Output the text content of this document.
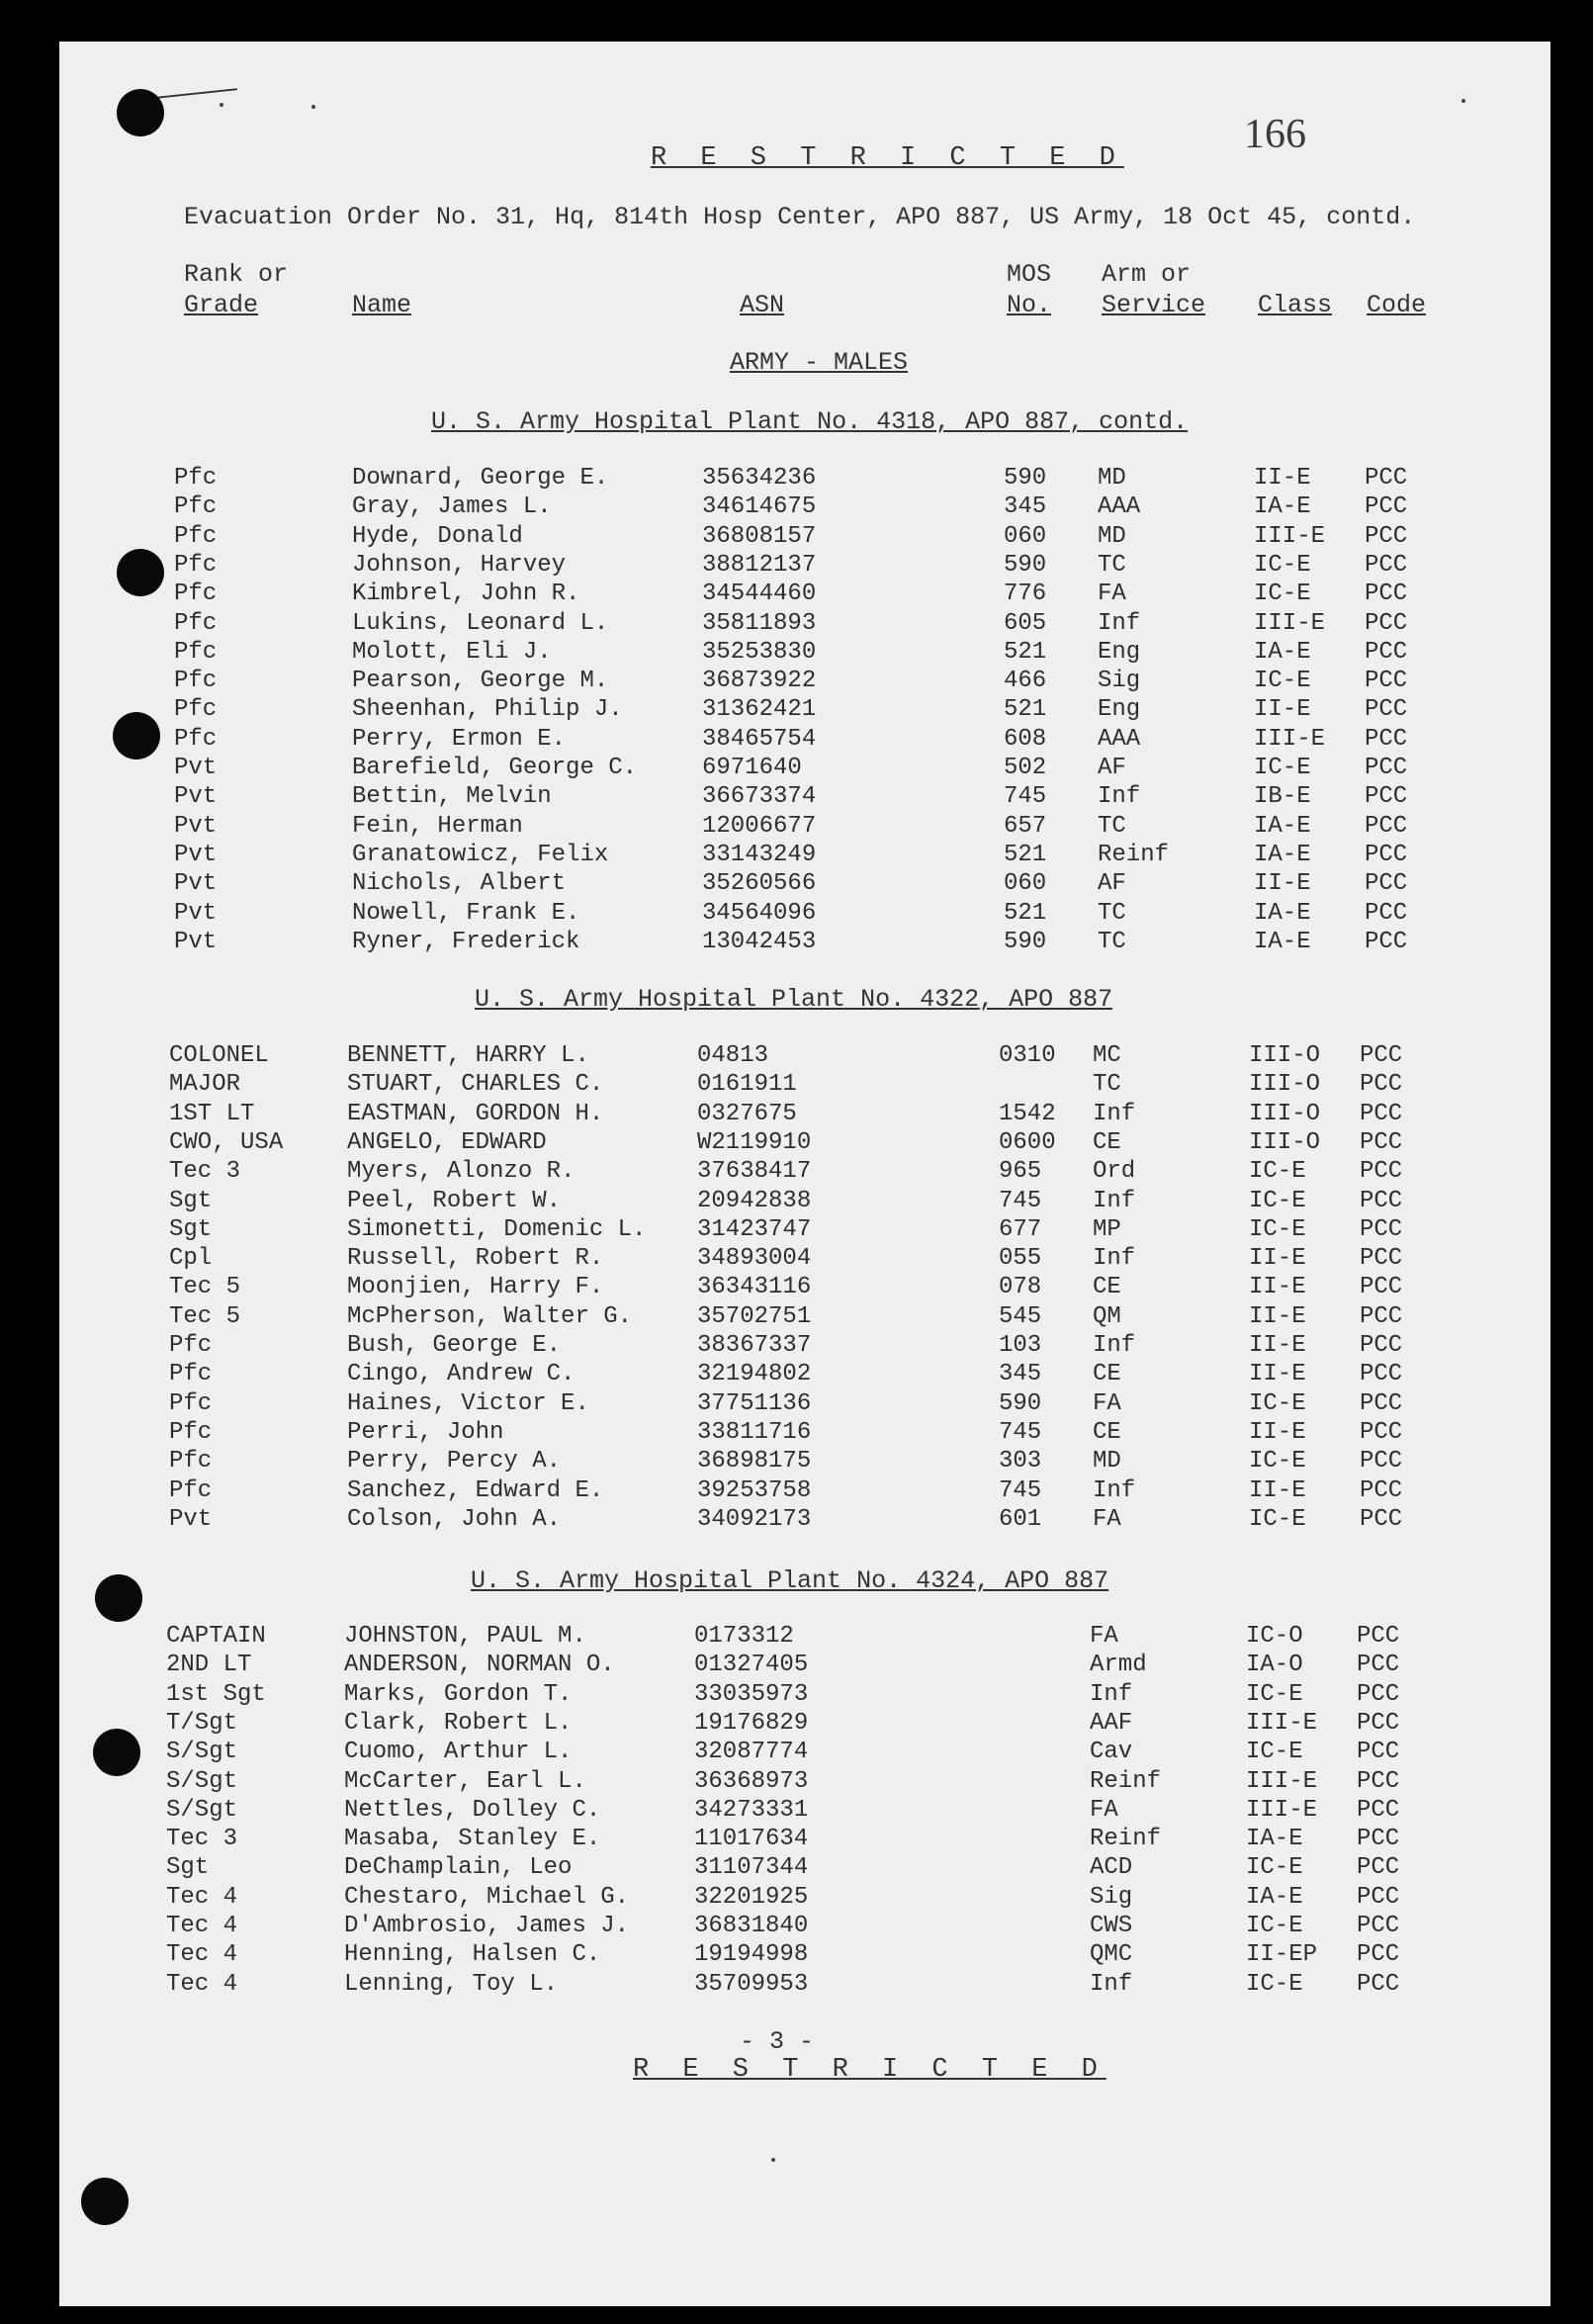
166
R E S T R I C T E D
Evacuation Order No. 31, Hq, 814th Hosp Center, APO 887, US Army, 18 Oct 45, contd.
Rank or
Grade	Name	ASN
MOS
No.
Arm or
Service Class Code
ARMY - MALES
U. S. Army Hospital Plant No. 4318, APO 887, contd.
Pfc	Downard, George E.	35634236	590 MD	II-E PCC
Pfc	Gray, James L.	34614675	345 AAA	IA-E PCC
Pfc	Hyde, Donald	36808157	060 MD	III-E PCC
Pfc	Johnson, Harvey	38812137	590 TC	IC-E PCC
Pfc	Kimbrel, John R.	34544460	776 FA	IC-E PCC
Pfc	Lukins, Leonard L.	35811893	605 Inf	III-E PCC
Pfc	Molott, Eli J.	35253830	521 Eng	IA-E PCC
Pfc	Pearson, George M.	36873922	466 Sig	IC-E PCC
Pfc	Sheenhan, Philip J.	31362421	521 Eng	II-E PCC
Pfc	Perry, Ermon E.	38465754	608 AAA	III-E PCC
Pvt	Barefield, George C.	6971640	502 AF	IC-E PCC
Pvt	Bettin, Melvin	36673374	745 Inf	IB-E PCC
Pvt	Fein, Herman	12006677	657 TC	IA-E PCC
Pvt	Granatowicz, Felix	33143249	521 Reinf	IA-E PCC
Pvt	Nichols, Albert	35260566	060 AF	II-E PCC
Pvt	Nowell, Frank E.	34564096	521 TC	IA-E PCC
Pvt	Ryner, Frederick	13042453	590 TC	IA-E PCC
U. S. Army Hospital Plant No. 4322, APO 887
COLONEL	BENNETT, HARRY L.	04813	0310 MC	III-O PCC
MAJOR	STUART, CHARLES C.	0161911	TC	III-O PCC
1ST LT	EASTMAN, GORDON H.	0327675	1542 Inf	III-O PCC
CWO, USA	ANGELO, EDWARD	W2119910	0600 CE	III-O PCC
Tec 3	Myers, Alonzo R.	37638417	965 Ord	IC-E PCC
Sgt	Peel, Robert W.	20942838	745 Inf	IC-E PCC
Sgt	Simonetti, Domenic L. 31423747	677 MP	IC-E PCC
Cpl	Russell, Robert R.	34893004	055 Inf	II-E PCC
Tec 5	Moonjien, Harry F.	36343116	078 CE	II-E PCC
Tec 5	McPherson, Walter G.	35702751	545 QM	II-E PCC
Pfc	Bush, George E.	38367337	103 Inf	II-E PCC
Pfc	Cingo, Andrew C.	32194802	345 CE	II-E PCC
Pfc	Haines, Victor E.	37751136	590 FA	IC-E PCC
Pfc	Perri, John	33811716	745 CE	II-E PCC
Pfc	Perry, Percy A.	36898175	303 MD	IC-E PCC
Pfc	Sanchez, Edward E.	39253758	745 Inf	II-E PCC
Pvt	Colson, John A.	34092173	601 FA	IC-E PCC
U. S. Army Hospital Plant No. 4324, APO 887
CAPTAIN	JOHNSTON, PAUL M.	0173312	FA	IC-O PCC
2ND LT	ANDERSON, NORMAN O.	01327405	Armd	IA-O PCC
1st Sgt	Marks, Gordon T.	33035973	Inf	IC-E PCC
T/Sgt	Clark, Robert L.	19176829	AAF	III-E PCC
S/Sgt	Cuomo, Arthur L.	32087774	Cav	IC-E PCC
S/Sgt	McCarter, Earl L.	36368973	Reinf	III-E PCC
S/Sgt	Nettles, Dolley C.	34273331	FA	III-E PCC
Tec 3	Masaba, Stanley E.	11017634	Reinf	IA-E PCC
Sgt	DeChamplain, Leo	31107344	ACD	IC-E PCC
Tec 4	Chestaro, Michael G.	32201925	Sig	IA-E PCC
Tec 4	D'Ambrosio, James J.	36831840	CWS	IC-E PCC
Tec 4	Henning, Halsen C.	19194998	QMC	II-EP PCC
Tec 4	Lenning, Toy L.	35709953	Inf	IC-E PCC
- 3 -
R E S T R I C T E D
